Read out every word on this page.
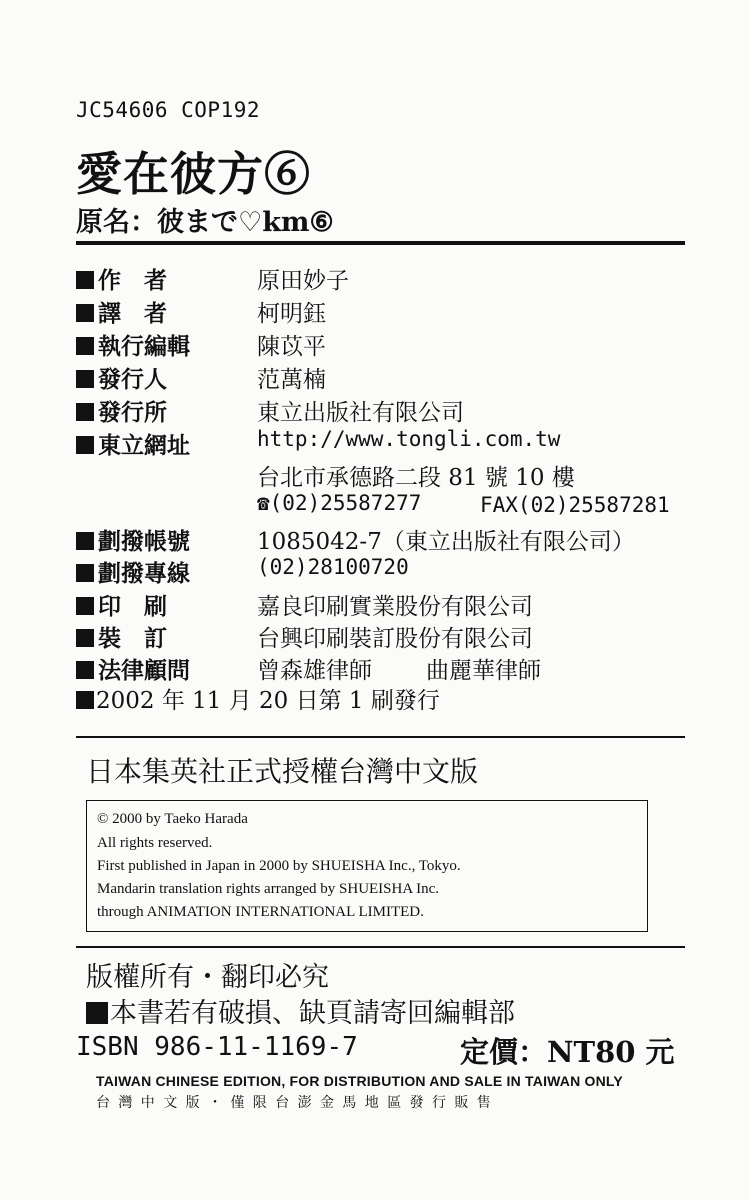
JC54606 COP192
愛在彼方⑥
原名：彼まで♡km⑥
作　者	原田妙子
譯　者	柯明鈺
執行編輯	陳苡平
發行人	范萬楠
發行所	東立出版社有限公司
東立網址	http://www.tongli.com.tw
台北市承德路二段 81 號 10 樓
☎(02)25587277	FAX(02)25587281
劃撥帳號	1085042-7（東立出版社有限公司）
劃撥專線	(02)28100720
印　刷	嘉良印刷實業股份有限公司
裝　訂	台興印刷裝訂股份有限公司
法律顧問	曾森雄律師 曲麗華律師
2002 年 11 月 20 日第 1 刷發行
日本集英社正式授權台灣中文版
© 2000 by Taeko Harada
All rights reserved.
First published in Japan in 2000 by SHUEISHA Inc., Tokyo.
Mandarin translation rights arranged by SHUEISHA Inc.
through ANIMATION INTERNATIONAL LIMITED.
版權所有・翻印必究
本書若有破損、缺頁請寄回編輯部
ISBN 986-11-1169-7	定價：NT80 元
TAIWAN CHINESE EDITION, FOR DISTRIBUTION AND SALE IN TAIWAN ONLY
台灣中文版・僅限台澎金馬地區發行販售
